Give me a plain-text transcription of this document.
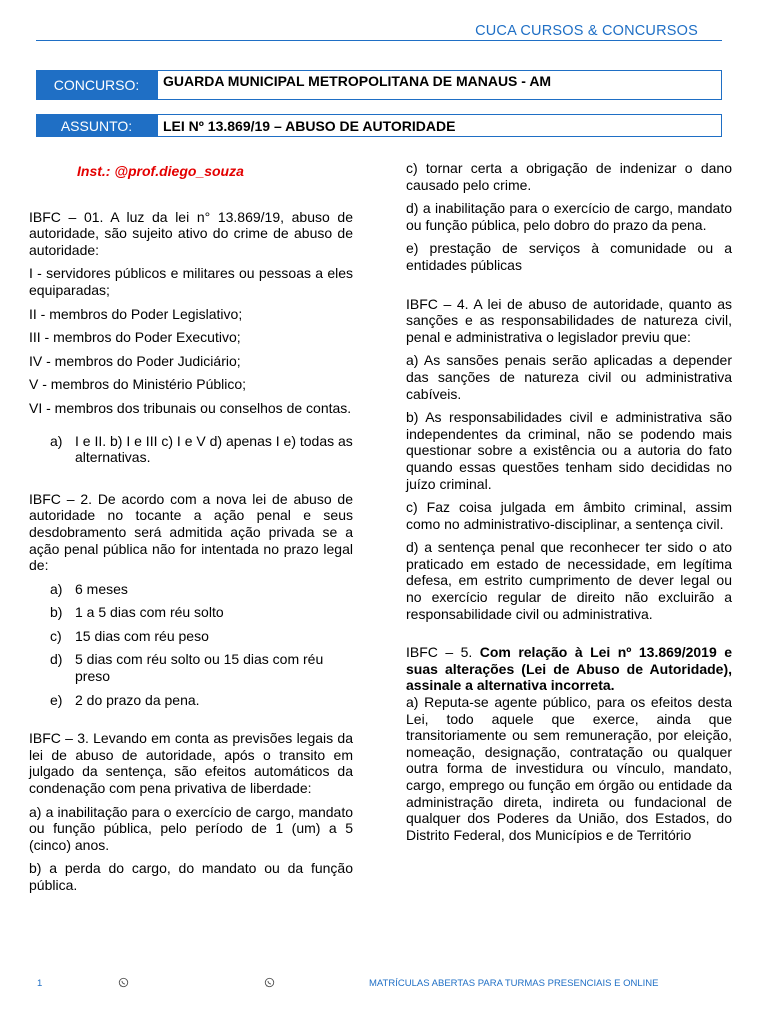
CUCA CURSOS & CONCURSOS
CONCURSO:	GUARDA MUNICIPAL METROPOLITANA DE MANAUS - AM
ASSUNTO:	LEI Nº 13.869/19 – ABUSO DE AUTORIDADE

Inst.: @prof.diego_souza

IBFC – 01. A luz da lei n° 13.869/19, abuso de autoridade, são sujeito ativo do crime de abuso de autoridade:

I - servidores públicos e militares ou pessoas a eles equiparadas;

II - membros do Poder Legislativo;

III - membros do Poder Executivo;

IV - membros do Poder Judiciário;

V - membros do Ministério Público;

VI - membros dos tribunais ou conselhos de contas.

a) I e II. b) I e III c) I e V d) apenas I e) todas as alternativas.

IBFC – 2. De acordo com a nova lei de abuso de autoridade no tocante a ação penal e seus desdobramento será admitida ação privada se a ação penal pública não for intentada no prazo legal de:

a) 6 meses
b) 1 a 5 dias com réu solto
c) 15 dias com réu peso
d) 5 dias com réu solto ou 15 dias com réu preso
e) 2 do prazo da pena.

IBFC – 3. Levando em conta as previsões legais da lei de abuso de autoridade, após o transito em julgado da sentença, são efeitos automáticos da condenação com pena privativa de liberdade:

a) a inabilitação para o exercício de cargo, mandato ou função pública, pelo período de 1 (um) a 5 (cinco) anos.

b) a perda do cargo, do mandato ou da função pública.

c) tornar certa a obrigação de indenizar o dano causado pelo crime.

d) a inabilitação para o exercício de cargo, mandato ou função pública, pelo dobro do prazo da pena.

e) prestação de serviços à comunidade ou a entidades públicas

IBFC – 4. A lei de abuso de autoridade, quanto as sanções e as responsabilidades de natureza civil, penal e administrativa o legislador previu que:

a) As sansões penais serão aplicadas a depender das sanções de natureza civil ou administrativa cabíveis.

b) As responsabilidades civil e administrativa são independentes da criminal, não se podendo mais questionar sobre a existência ou a autoria do fato quando essas questões tenham sido decididas no juízo criminal.

c) Faz coisa julgada em âmbito criminal, assim como no administrativo-disciplinar, a sentença civil.

d) a sentença penal que reconhecer ter sido o ato praticado em estado de necessidade, em legítima defesa, em estrito cumprimento de dever legal ou no exercício regular de direito não excluirão a responsabilidade civil ou administrativa.

IBFC – 5. Com relação à Lei nº 13.869/2019 e suas alterações (Lei de Abuso de Autoridade), assinale a alternativa incorreta.

a) Reputa-se agente público, para os efeitos desta Lei, todo aquele que exerce, ainda que transitoriamente ou sem remuneração, por eleição, nomeação, designação, contratação ou qualquer outra forma de investidura ou vínculo, mandato, cargo, emprego ou função em órgão ou entidade da administração direta, indireta ou fundacional de qualquer dos Poderes da União, dos Estados, do Distrito Federal, dos Municípios e de Território

1	MATRÍCULAS ABERTAS PARA TURMAS PRESENCIAIS E ONLINE
